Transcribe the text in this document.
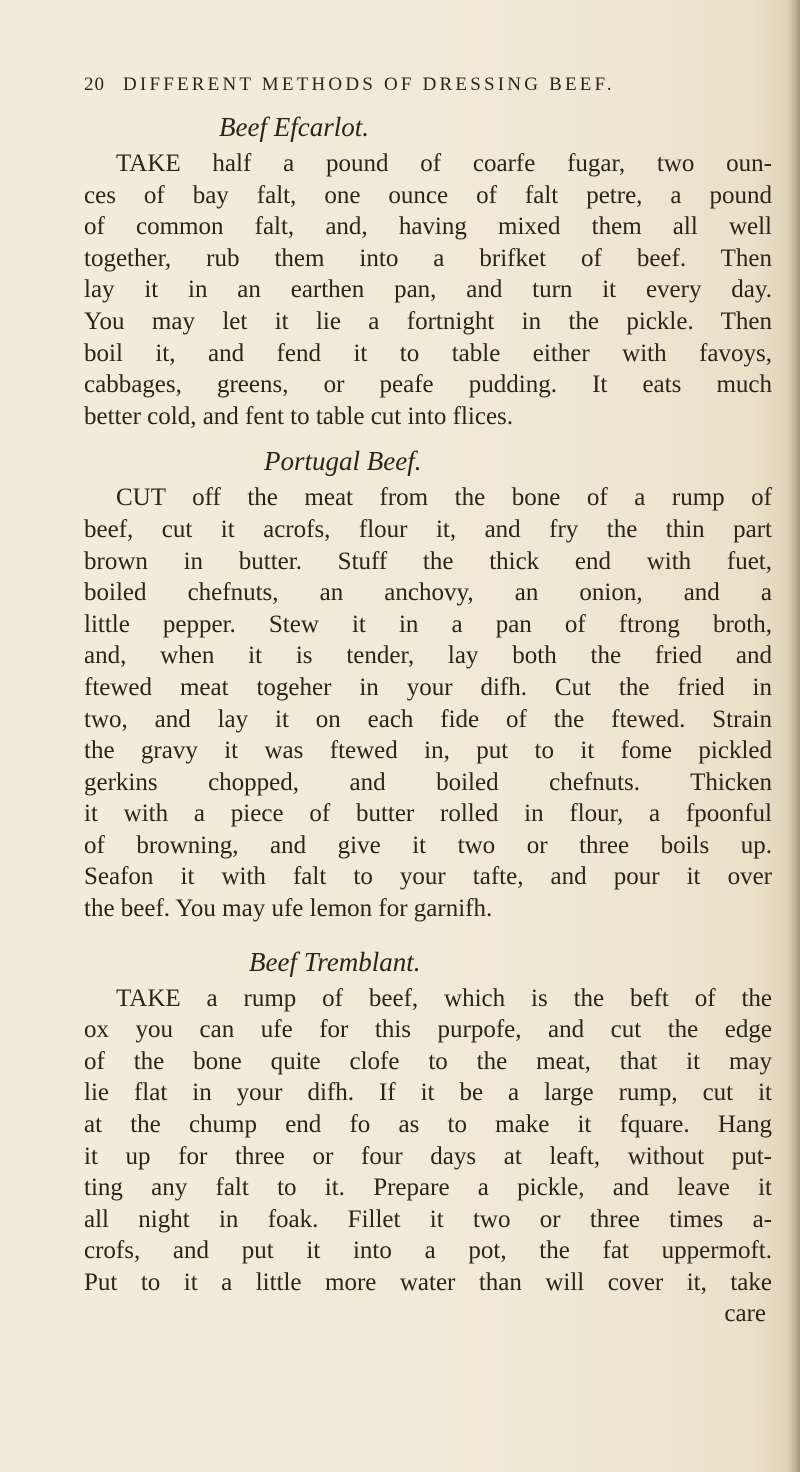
20 DIFFERENT METHODS OF DRESSING BEEF.
Beef Efcarlot.
TAKE half a pound of coarfe fugar, two oun-
ces of bay falt, one ounce of falt petre, a pound
of common falt, and, having mixed them all well
together, rub them into a brifket of beef. Then
lay it in an earthen pan, and turn it every day.
You may let it lie a fortnight in the pickle. Then
boil it, and fend it to table either with favoys,
cabbages, greens, or peafe pudding. It eats much
better cold, and fent to table cut into flices.
Portugal Beef.
CUT off the meat from the bone of a rump of
beef, cut it acrofs, flour it, and fry the thin part
brown in butter. Stuff the thick end with fuet,
boiled chefnuts, an anchovy, an onion, and a
little pepper. Stew it in a pan of ftrong broth,
and, when it is tender, lay both the fried and
ftewed meat togeher in your difh. Cut the fried in
two, and lay it on each fide of the ftewed. Strain
the gravy it was ftewed in, put to it fome pickled
gerkins chopped, and boiled chefnuts. Thicken
it with a piece of butter rolled in flour, a fpoonful
of browning, and give it two or three boils up.
Seafon it with falt to your tafte, and pour it over
the beef. You may ufe lemon for garnifh.
Beef Tremblant.
TAKE a rump of beef, which is the beft of the
ox you can ufe for this purpofe, and cut the edge
of the bone quite clofe to the meat, that it may
lie flat in your difh. If it be a large rump, cut it
at the chump end fo as to make it fquare. Hang
it up for three or four days at leaft, without put-
ting any falt to it. Prepare a pickle, and leave it
all night in foak. Fillet it two or three times a-
crofs, and put it into a pot, the fat uppermoft.
Put to it a little more water than will cover it, take
care
